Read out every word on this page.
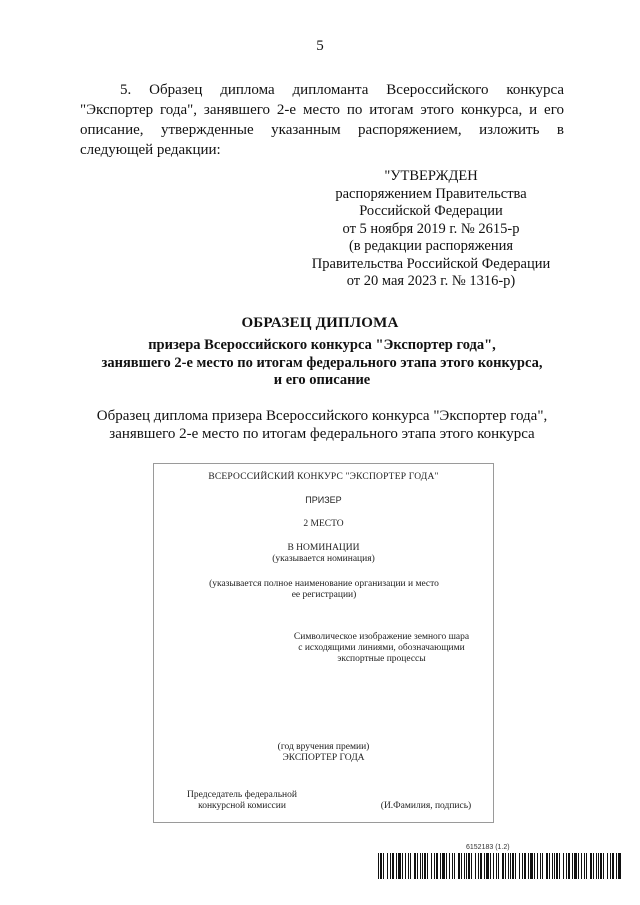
5
5. Образец диплома дипломанта Всероссийского конкурса "Экспортер года", занявшего 2-е место по итогам этого конкурса, и его описание, утвержденные указанным распоряжением, изложить в следующей редакции:
"УТВЕРЖДЕН
распоряжением Правительства
Российской Федерации
от 5 ноября 2019 г. № 2615-р
(в редакции распоряжения
Правительства Российской Федерации
от 20 мая 2023 г. № 1316-р)
ОБРАЗЕЦ ДИПЛОМА
призера Всероссийского конкурса "Экспортер года",
занявшего 2-е место по итогам федерального этапа этого конкурса,
и его описание
Образец диплома призера Всероссийского конкурса "Экспортер года",
занявшего 2-е место по итогам федерального этапа этого конкурса
ВСЕРОССИЙСКИЙ КОНКУРС "ЭКСПОРТЕР ГОДА"
ПРИЗЕР
2 МЕСТО
В НОМИНАЦИИ
(указывается номинация)
(указывается полное наименование организации и место
ее регистрации)
Символическое изображение земного шара
с исходящими линиями, обозначающими
экспортные процессы
(год вручения премии)
ЭКСПОРТЕР ГОДА
Председатель федеральной
конкурсной комиссии	(И.Фамилия, подпись)
6152183 (1.2)
